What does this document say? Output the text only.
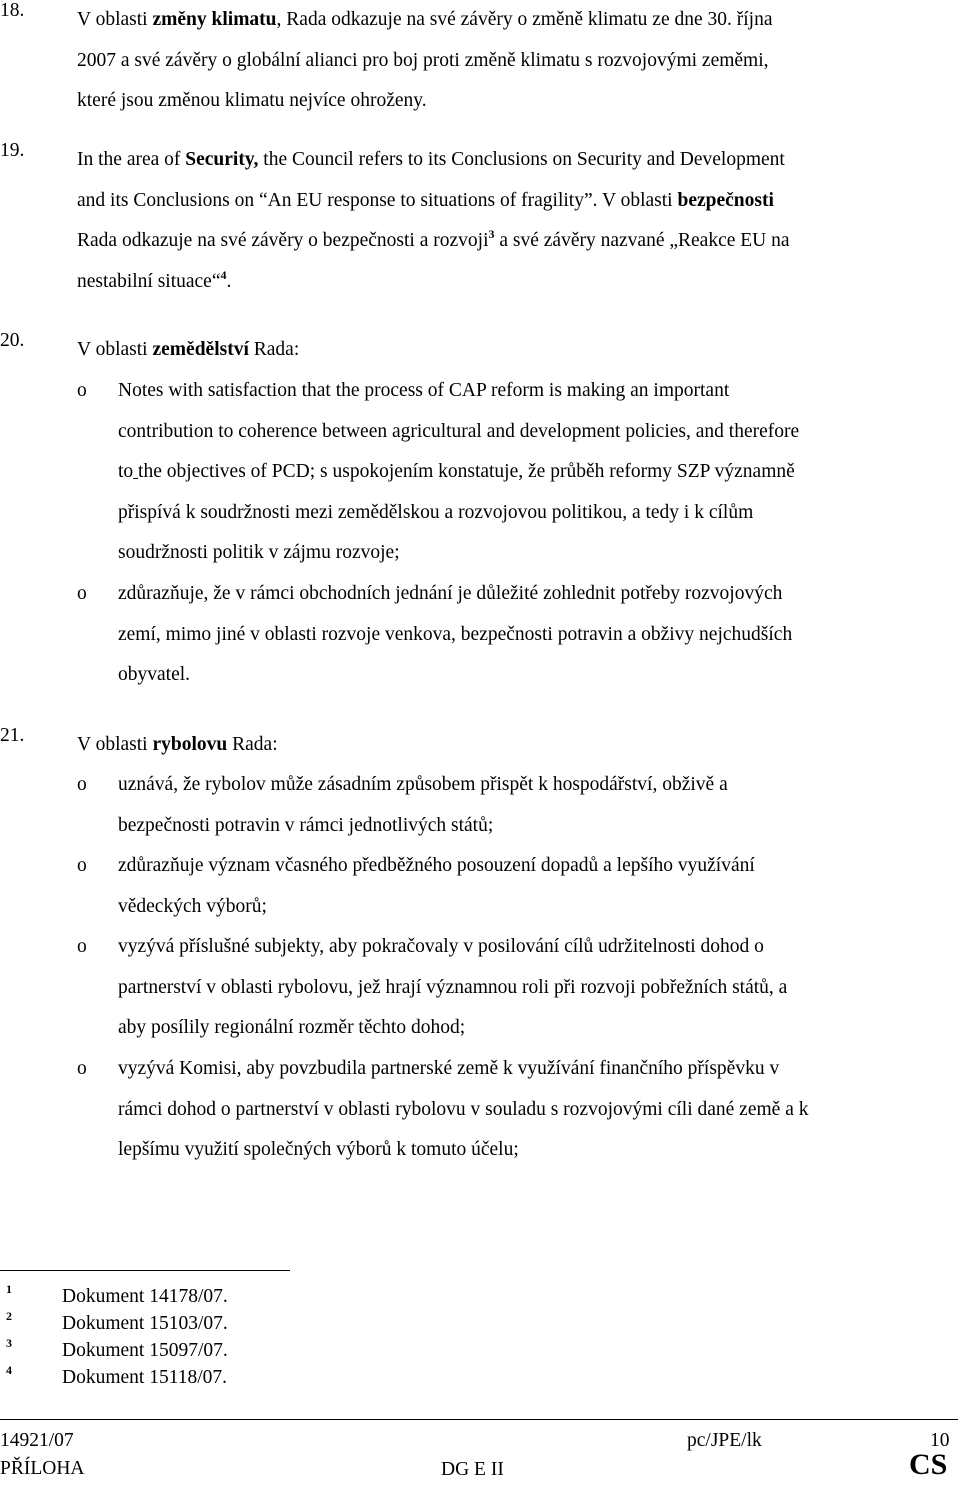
18.	V oblasti změny klimatu, Rada odkazuje na své závěry o změně klimatu ze dne 30. října
2007 a své závěry o globální alianci pro boj proti změně klimatu s rozvojovými zeměmi,
které jsou změnou klimatu nejvíce ohroženy.
19.	In the area of Security, the Council refers to its Conclusions on Security and Development
and its Conclusions on “An EU response to situations of fragility”. V oblasti bezpečnosti
Rada odkazuje na své závěry o bezpečnosti a rozvoji$^3$ a své závěry nazvané „Reakce EU na
nestabilní situace“$^4$.
20.	V oblasti zemědělství Rada:
o Notes with satisfaction that the process of CAP reform is making an important
contribution to coherence between agricultural and development policies, and therefore
to the objectives of PCD; s uspokojením konstatuje, že průběh reformy SZP významně
přispívá k soudržnosti mezi zemědělskou a rozvojovou politikou, a tedy i k cílům
soudržnosti politik v zájmu rozvoje;
o zdůrazňuje, že v rámci obchodních jednání je důležité zohlednit potřeby rozvojových
zemí, mimo jiné v oblasti rozvoje venkova, bezpečnosti potravin a obživy nejchudších
obyvatel.
21.	V oblasti rybolovu Rada:
o uznává, že rybolov může zásadním způsobem přispět k hospodářství, obživě a
bezpečnosti potravin v rámci jednotlivých států;
o zdůrazňuje význam včasného předběžného posouzení dopadů a lepšího využívání
vědeckých výborů;
o vyzývá příslušné subjekty, aby pokračovaly v posilování cílů udržitelnosti dohod o
partnerství v oblasti rybolovu, jež hrají významnou roli při rozvoji pobřežních států, a
aby posílily regionální rozměr těchto dohod;
o vyzývá Komisi, aby povzbudila partnerské země k využívání finančního příspěvku v
rámci dohod o partnerství v oblasti rybolovu v souladu s rozvojovými cíli dané země a k
lepšímu využití společných výborů k tomuto účelu;
1	Dokument 14178/07.
2	Dokument 15103/07.
3	Dokument 15097/07.
4	Dokument 15118/07.
14921/07
PŘÍLOHA
pc/JPE/lk
DG E II
10
CS
